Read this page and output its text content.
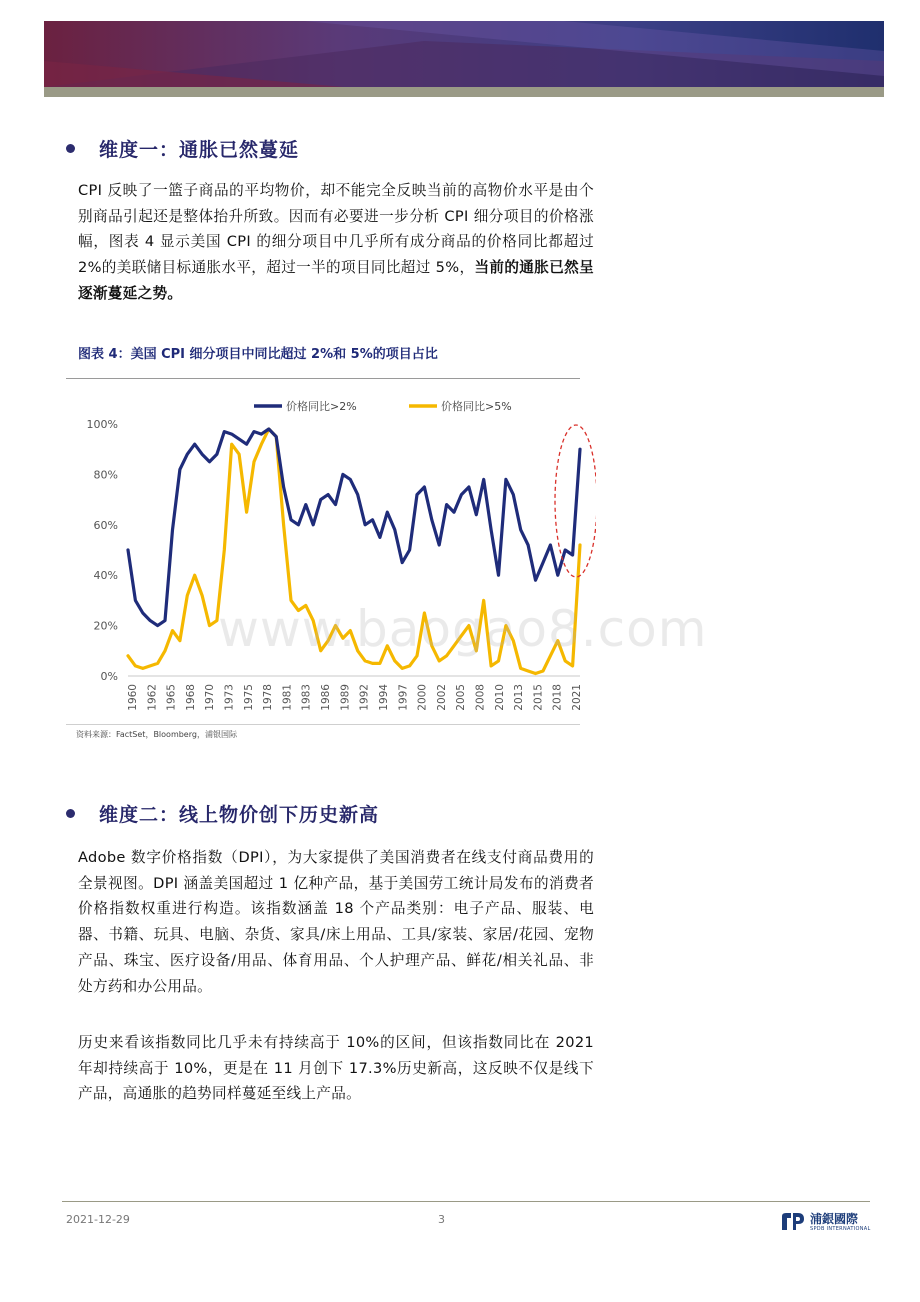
维度一：通胀已然蔓延
CPI 反映了一篮子商品的平均物价，却不能完全反映当前的高物价水平是由个别商品引起还是整体抬升所致。因而有必要进一步分析 CPI 细分项目的价格涨幅，图表 4 显示美国 CPI 的细分项目中几乎所有成分商品的价格同比都超过 2%的美联储目标通胀水平，超过一半的项目同比超过 5%，当前的通胀已然呈逐渐蔓延之势。
图表 4：美国 CPI 细分项目中同比超过 2%和 5%的项目占比
0%
20%
40%
60%
80%
100%
1960 1962 1965 1968 1970 1973 1975 1978 1981 1983 1986 1989 1992 1994 1997 2000 2002 2005 2008 2010 2013 2015 2018 2021
价格同比>2%	价格同比>5%
资料来源：FactSet，Bloomberg，浦银国际
www.baogao8.com
维度二：线上物价创下历史新高
Adobe 数字价格指数（DPI），为大家提供了美国消费者在线支付商品费用的全景视图。DPI 涵盖美国超过 1 亿种产品，基于美国劳工统计局发布的消费者价格指数权重进行构造。该指数涵盖 18 个产品类别：电子产品、服装、电器、书籍、玩具、电脑、杂货、家具/床上用品、工具/家装、家居/花园、宠物产品、珠宝、医疗设备/用品、体育用品、个人护理产品、鲜花/相关礼品、非处方药和办公用品。
历史来看该指数同比几乎未有持续高于 10%的区间，但该指数同比在 2021 年却持续高于 10%，更是在 11 月创下 17.3%历史新高，这反映不仅是线下产品，高通胀的趋势同样蔓延至线上产品。
2021-12-29	3	浦銀國際
SPDB INTERNATIONAL
